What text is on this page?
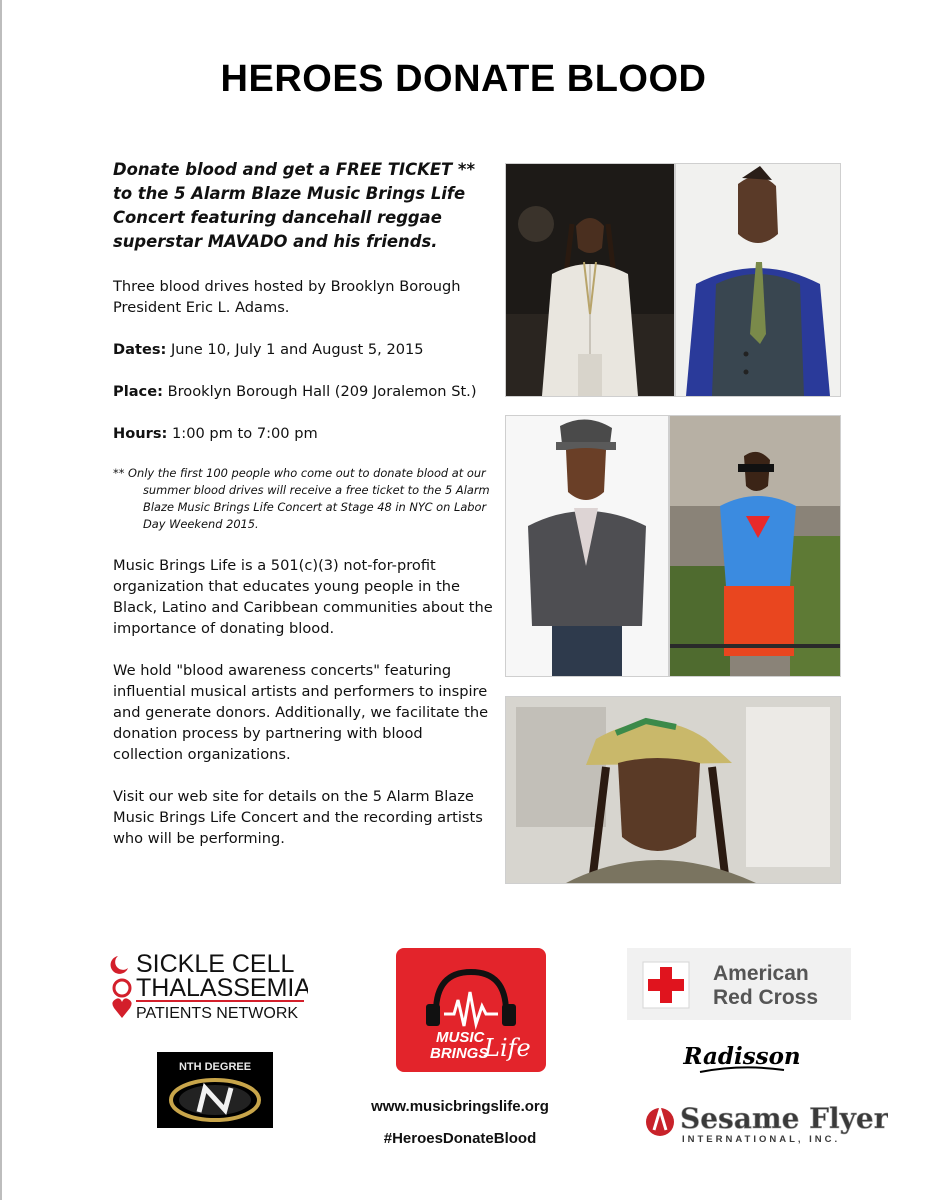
HEROES DONATE BLOOD

Donate blood and get a FREE TICKET ** to the 5 Alarm Blaze Music Brings Life Concert featuring dancehall reggae superstar MAVADO and his friends.

Three blood drives hosted by Brooklyn Borough President Eric L. Adams.

Dates: June 10, July 1 and August 5, 2015

Place: Brooklyn Borough Hall (209 Joralemon St.)

Hours: 1:00 pm to 7:00 pm

** Only the first 100 people who come out to donate blood at our summer blood drives will receive a free ticket to the 5 Alarm Blaze Music Brings Life Concert at Stage 48 in NYC on Labor Day Weekend 2015.

Music Brings Life is a 501(c)(3) not-for-profit organization that educates young people in the Black, Latino and Caribbean communities about the importance of donating blood.

We hold "blood awareness concerts" featuring influential musical artists and performers to inspire and generate donors. Additionally, we facilitate the donation process by partnering with blood collection organizations.

Visit our web site for details on the 5 Alarm Blaze Music Brings Life Concert and the recording artists who will be performing.

SICKLE CELL
THALASSEMIA
PATIENTS NETWORK
NTH DEGREE
MUSIC
BRINGS
Life
www.musicbringslife.org
#HeroesDonateBlood
American
Red Cross
Radisson
Sesame Flyers
INTERNATIONAL, INC.
